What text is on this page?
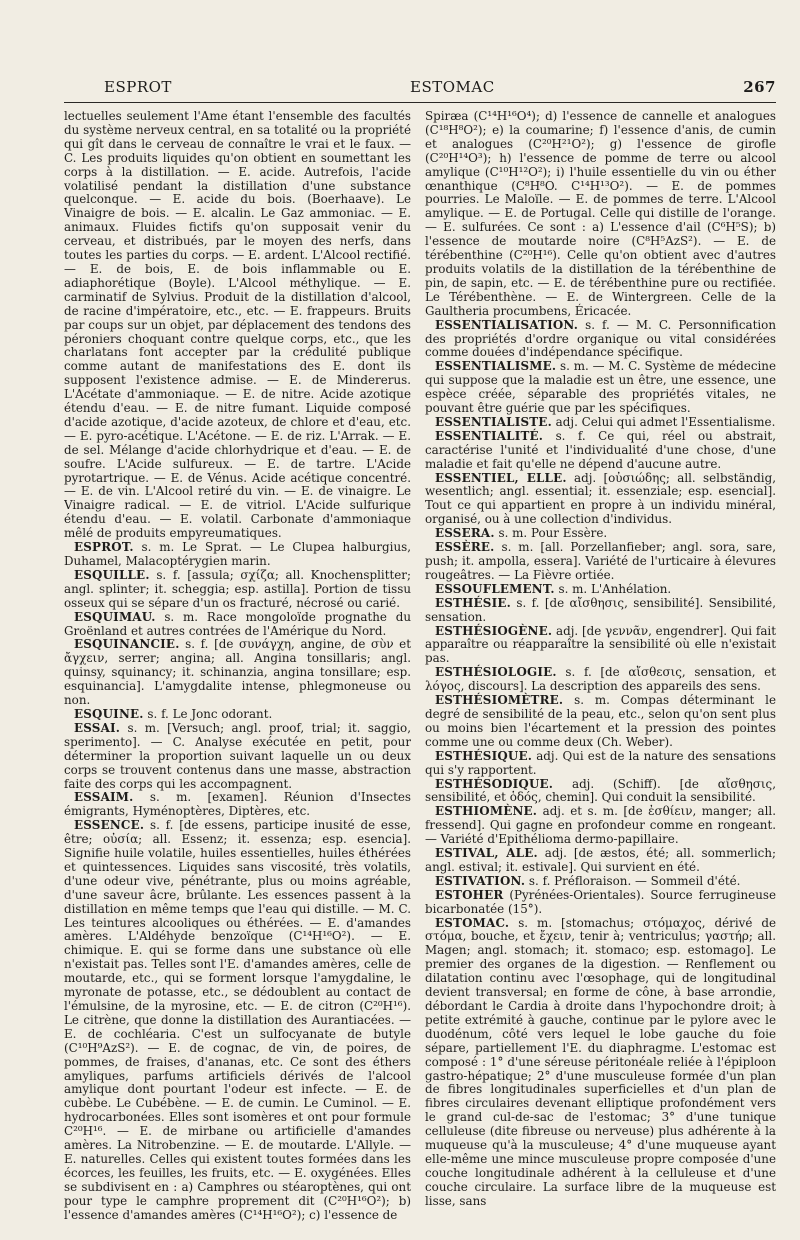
ESPROT	ESTOMAC	267

lectuelles seulement l'Ame étant l'ensemble des facultés du système nerveux central, en sa totalité ou la propriété qui gît dans le cerveau de connaître le vrai et le faux. — C. Les produits liquides qu'on obtient en soumettant les corps à la distillation. — E. acide. Autrefois, l'acide volatilisé pendant la distillation d'une substance quelconque. — E. acide du bois. (Boerhaave). Le Vinaigre de bois. — E. alcalin. Le Gaz ammoniac. — E. animaux. Fluides fictifs qu'on supposait venir du cerveau, et distribués, par le moyen des nerfs, dans toutes les parties du corps. — E. ardent. L'Alcool rectifié. — E. de bois, E. de bois inflammable ou E. adiaphorétique (Boyle). L'Alcool méthylique. — E. carminatif de Sylvius. Produit de la distillation d'alcool, de racine d'impératoire, etc., etc. — E. frappeurs. Bruits par coups sur un objet, par déplacement des tendons des péroniers choquant contre quelque corps, etc., que les charlatans font accepter par la crédulité publique comme autant de manifestations des E. dont ils supposent l'existence admise. — E. de Mindererus. L'Acétate d'ammoniaque. — E. de nitre. Acide azotique étendu d'eau. — E. de nitre fumant. Liquide composé d'acide azotique, d'acide azoteux, de chlore et d'eau, etc. — E. pyro-acétique. L'Acétone. — E. de riz. L'Arrak. — E. de sel. Mélange d'acide chlorhydrique et d'eau. — E. de soufre. L'Acide sulfureux. — E. de tartre. L'Acide pyrotartrique. — E. de Vénus. Acide acétique concentré. — E. de vin. L'Alcool retiré du vin. — E. de vinaigre. Le Vinaigre radical. — E. de vitriol. L'Acide sulfurique étendu d'eau. — E. volatil. Carbonate d'ammoniaque mêlé de produits empyreumatiques.

ESPROT. s. m. Le Sprat. — Le Clupea halburgius, Duhamel, Malacoptérygien marin.

ESQUILLE. s. f. [assula; σχίζα; all. Knochensplitter; angl. splinter; it. scheggia; esp. astilla]. Portion de tissu osseux qui se sépare d'un os fracturé, nécrosé ou carié.

ESQUIMAU. s. m. Race mongoloïde prognathe du Groënland et autres contrées de l'Amérique du Nord.

ESQUINANCIE. s. f. [de συνάγχη, angine, de σὺν et ἄγχειν, serrer; angina; all. Angina tonsillaris; angl. quinsy, squinancy; it. schinanzia, angina tonsillare; esp. esquinancia]. L'amygdalite intense, phlegmoneuse ou non.

ESQUINE. s. f. Le Jonc odorant.

ESSAI. s. m. [Versuch; angl. proof, trial; it. saggio, sperimento]. — C. Analyse exécutée en petit, pour déterminer la proportion suivant laquelle un ou deux corps se trouvent contenus dans une masse, abstraction faite des corps qui les accompagnent.

ESSAIM. s. m. [examen]. Réunion d'Insectes émigrants, Hyménoptères, Diptères, etc.

ESSENCE. s. f. [de essens, participe inusité de esse, être; οὐσία; all. Essenz; it. essenza; esp. esencia]. Signifie huile volatile, huiles essentielles, huiles éthérées et quintessences. Liquides sans viscosité, très volatils, d'une odeur vive, pénétrante, plus ou moins agréable, d'une saveur âcre, brûlante. Les essences passent à la distillation en même temps que l'eau qui distille. — M. C. Les teintures alcooliques ou éthérées. — E. d'amandes amères. L'Aldéhyde benzoïque (C¹⁴H¹⁶O²). — E. chimique. E. qui se forme dans une substance où elle n'existait pas. Telles sont l'E. d'amandes amères, celle de moutarde, etc., qui se forment lorsque l'amygdaline, le myronate de potasse, etc., se dédoublent au contact de l'émulsine, de la myrosine, etc. — E. de citron (C²⁰H¹⁶). Le citrène, que donne la distillation des Aurantiacées. — E. de cochléaria. C'est un sulfocyanate de butyle (C¹⁰H⁹AzS²). — E. de cognac, de vin, de poires, de pommes, de fraises, d'ananas, etc. Ce sont des éthers amyliques, parfums artificiels dérivés de l'alcool amylique dont pourtant l'odeur est infecte. — E. de cubèbe. Le Cubébène. — E. de cumin. Le Cuminol. — E. hydrocarbonées. Elles sont isomères et ont pour formule C²⁰H¹⁶. — E. de mirbane ou artificielle d'amandes amères. La Nitrobenzine. — E. de moutarde. L'Allyle. — E. naturelles. Celles qui existent toutes formées dans les écorces, les feuilles, les fruits, etc. — E. oxygénées. Elles se subdivisent en : a) Camphres ou stéaroptènes, qui ont pour type le camphre proprement dit (C²⁰H¹⁶O²); b) l'essence d'amandes amères (C¹⁴H¹⁶O²); c) l'essence de

Spiræa (C¹⁴H¹⁶O⁴); d) l'essence de cannelle et analogues (C¹⁸H⁸O²); e) la coumarine; f) l'essence d'anis, de cumin et analogues (C²⁰H²¹O²); g) l'essence de girofle (C²⁰H¹⁴O³); h) l'essence de pomme de terre ou alcool amylique (C¹⁰H¹²O²); i) l'huile essentielle du vin ou éther œnanthique (C⁸H⁸O. C¹⁴H¹³O²). — E. de pommes pourries. Le Maloïle. — E. de pommes de terre. L'Alcool amylique. — E. de Portugal. Celle qui distille de l'orange. — E. sulfurées. Ce sont : a) L'essence d'ail (C⁶H⁵S); b) l'essence de moutarde noire (C⁸H⁵AzS²). — E. de térébenthine (C²⁰H¹⁶). Celle qu'on obtient avec d'autres produits volatils de la distillation de la térébenthine de pin, de sapin, etc. — E. de térébenthine pure ou rectifiée. Le Térébenthène. — E. de Wintergreen. Celle de la Gaultheria procumbens, Éricacée.

ESSENTIALISATION. s. f. — M. C. Personnification des propriétés d'ordre organique ou vital considérées comme douées d'indépendance spécifique.

ESSENTIALISME. s. m. — M. C. Système de médecine qui suppose que la maladie est un être, une essence, une espèce créée, séparable des propriétés vitales, ne pouvant être guérie que par les spécifiques.

ESSENTIALISTE. adj. Celui qui admet l'Essentialisme.

ESSENTIALITÉ. s. f. Ce qui, réel ou abstrait, caractérise l'unité et l'individualité d'une chose, d'une maladie et fait qu'elle ne dépend d'aucune autre.

ESSENTIEL, ELLE. adj. [οὐσιώδης; all. selbständig, wesentlich; angl. essential; it. essenziale; esp. esencial]. Tout ce qui appartient en propre à un individu minéral, organisé, ou à une collection d'individus.

ESSERA. s. m. Pour Essère.

ESSÈRE. s. m. [all. Porzellanfieber; angl. sora, sare, push; it. ampolla, essera]. Variété de l'urticaire à élevures rougeâtres. — La Fièvre ortiée.

ESSOUFLEMENT. s. m. L'Anhélation.

ESTHÉSIE. s. f. [de αἴσθησις, sensibilité]. Sensibilité, sensation.

ESTHÉSIOGÈNE. adj. [de γεννᾶν, engendrer]. Qui fait apparaître ou réapparaître la sensibilité où elle n'existait pas.

ESTHÉSIOLOGIE. s. f. [de αἴσθεσις, sensation, et λόγος, discours]. La description des appareils des sens.

ESTHÉSIOMÈTRE. s. m. Compas déterminant le degré de sensibilité de la peau, etc., selon qu'on sent plus ou moins bien l'écartement et la pression des pointes comme une ou comme deux (Ch. Weber).

ESTHÉSIQUE. adj. Qui est de la nature des sensations qui s'y rapportent.

ESTHÉSODIQUE. adj. (Schiff). [de αἴσθησις, sensibilité, et ὁδός, chemin]. Qui conduit la sensibilité.

ESTHIOMÈNE. adj. et s. m. [de ἐσθίειν, manger; all. fressend]. Qui gagne en profondeur comme en rongeant. — Variété d'Epithélioma dermo-papillaire.

ESTIVAL, ALE. adj. [de æstos, été; all. sommerlich; angl. estival; it. estivale]. Qui survient en été.

ESTIVATION. s. f. Préfloraison. — Sommeil d'été.

ESTOHER (Pyrénées-Orientales). Source ferrugineuse bicarbonatée (15°).

ESTOMAC. s. m. [stomachus; στόμαχος, dérivé de στόμα, bouche, et ἔχειν, tenir à; ventriculus; γαστήρ; all. Magen; angl. stomach; it. stomaco; esp. estomago]. Le premier des organes de la digestion. — Renflement ou dilatation continu avec l'œsophage, qui de longitudinal devient transversal; en forme de cône, à base arrondie, débordant le Cardia à droite dans l'hypochondre droit; à petite extrémité à gauche, continue par le pylore avec le duodénum, côté vers lequel le lobe gauche du foie sépare, partiellement l'E. du diaphragme. L'estomac est composé : 1° d'une séreuse péritonéale reliée à l'épiploon gastro-hépatique; 2° d'une musculeuse formée d'un plan de fibres longitudinales superficielles et d'un plan de fibres circulaires devenant elliptique profondément vers le grand cul-de-sac de l'estomac; 3° d'une tunique celluleuse (dite fibreuse ou nerveuse) plus adhérente à la muqueuse qu'à la musculeuse; 4° d'une muqueuse ayant elle-même une mince musculeuse propre composée d'une couche longitudinale adhérent à la celluleuse et d'une couche circulaire. La surface libre de la muqueuse est lisse, sans
